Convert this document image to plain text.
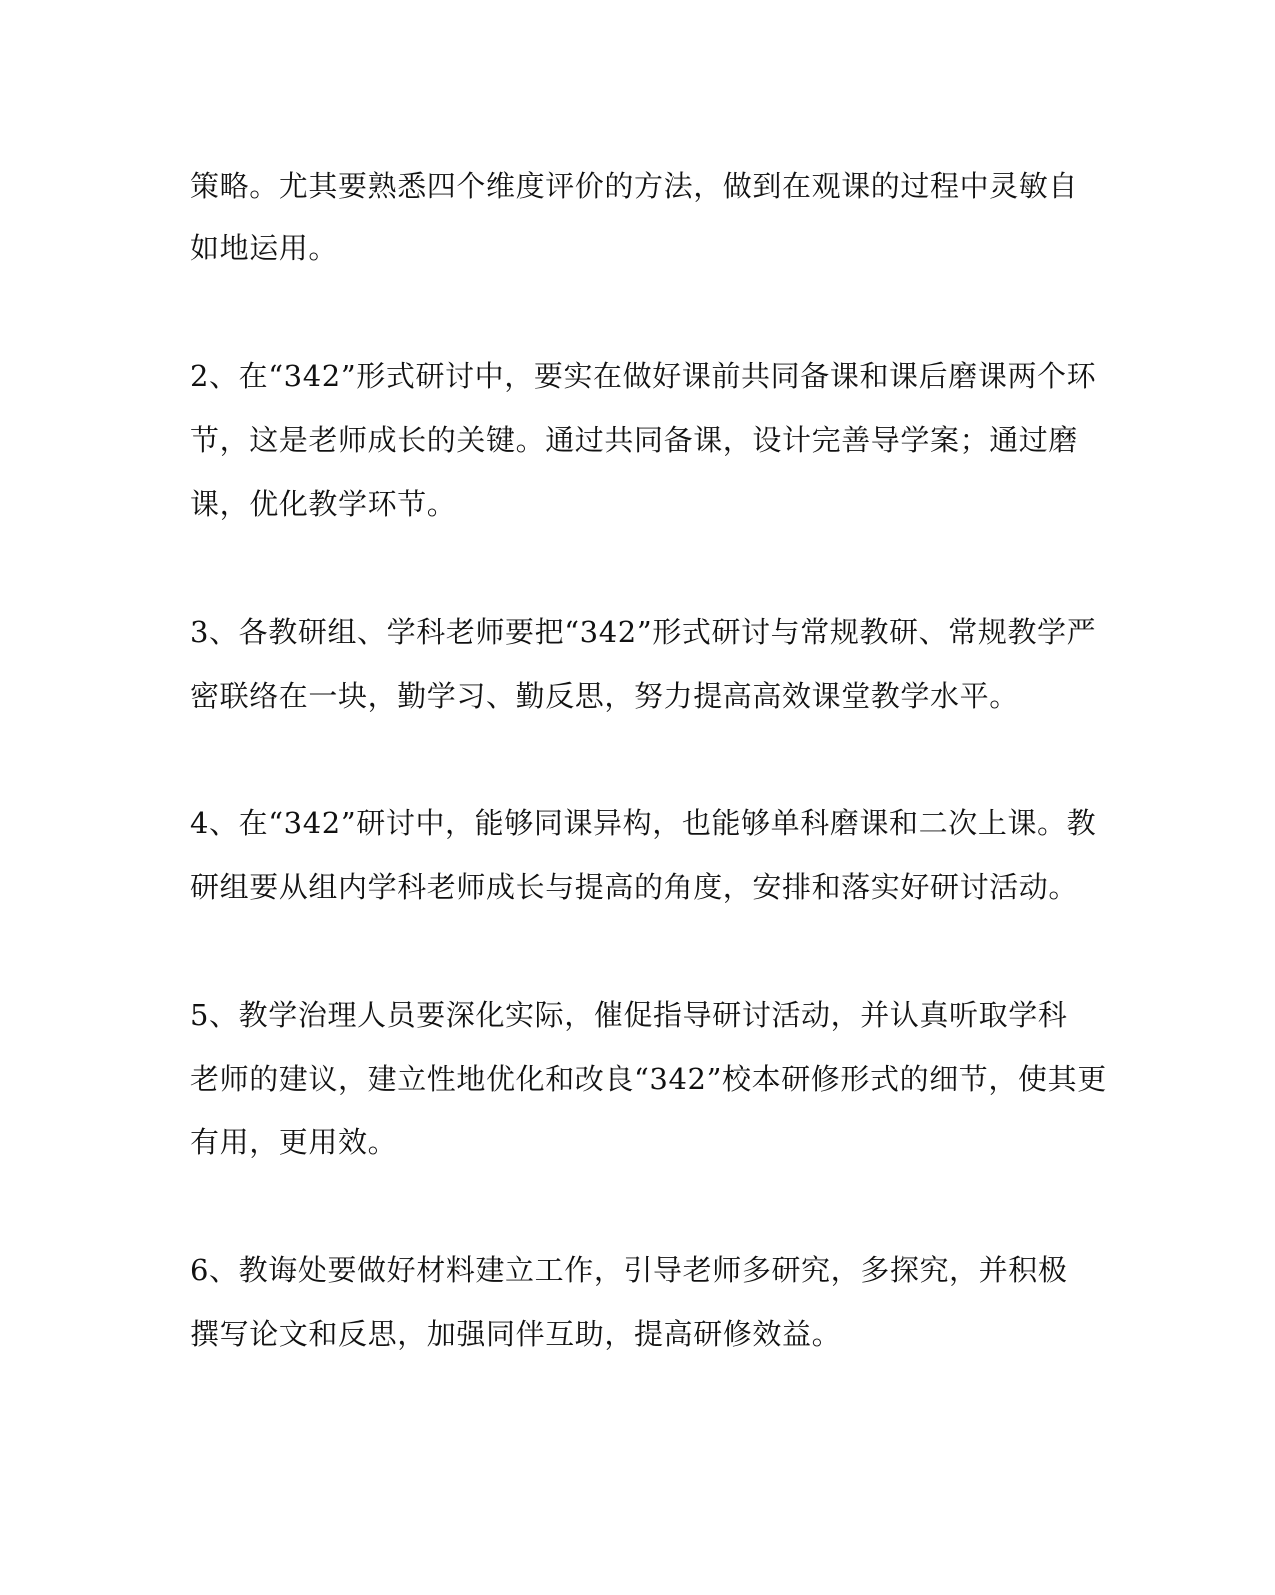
策略。尤其要熟悉四个维度评价的方法，做到在观课的过程中灵敏自
如地运用。
2、在“342”形式研讨中，要实在做好课前共同备课和课后磨课两个环
节，这是老师成长的关键。通过共同备课，设计完善导学案；通过磨
课，优化教学环节。
3、各教研组、学科老师要把“342”形式研讨与常规教研、常规教学严
密联络在一块，勤学习、勤反思，努力提高高效课堂教学水平。
4、在“342”研讨中，能够同课异构，也能够单科磨课和二次上课。教
研组要从组内学科老师成长与提高的角度，安排和落实好研讨活动。
5、教学治理人员要深化实际，催促指导研讨活动，并认真听取学科
老师的建议，建立性地优化和改良“342”校本研修形式的细节，使其更
有用，更用效。
6、教诲处要做好材料建立工作，引导老师多研究，多探究，并积极
撰写论文和反思，加强同伴互助，提高研修效益。
